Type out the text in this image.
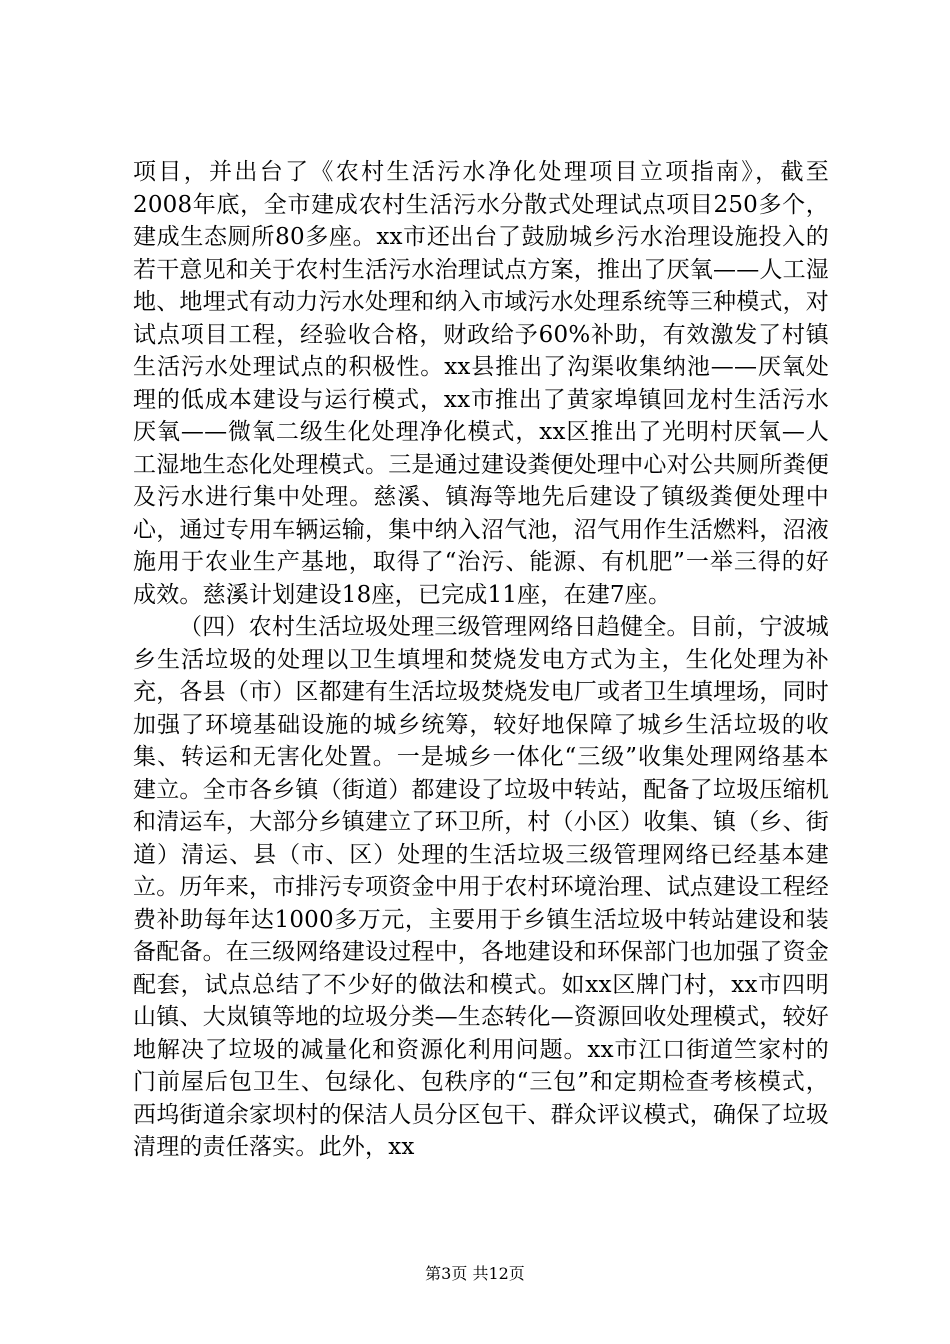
项目，并出台了《农村生活污水净化处理项目立项指南》，截至2008年底，全市建成农村生活污水分散式处理试点项目250多个，建成生态厕所80多座。xx市还出台了鼓励城乡污水治理设施投入的若干意见和关于农村生活污水治理试点方案，推出了厌氧——人工湿地、地埋式有动力污水处理和纳入市域污水处理系统等三种模式，对试点项目工程，经验收合格，财政给予60%补助，有效激发了村镇生活污水处理试点的积极性。xx县推出了沟渠收集纳池——厌氧处理的低成本建设与运行模式，xx市推出了黄家埠镇回龙村生活污水厌氧——微氧二级生化处理净化模式，xx区推出了光明村厌氧—人工湿地生态化处理模式。三是通过建设粪便处理中心对公共厕所粪便及污水进行集中处理。慈溪、镇海等地先后建设了镇级粪便处理中心，通过专用车辆运输，集中纳入沼气池，沼气用作生活燃料，沼液施用于农业生产基地，取得了“治污、能源、有机肥”一举三得的好成效。慈溪计划建设18座，已完成11座，在建7座。

（四）农村生活垃圾处理三级管理网络日趋健全。目前，宁波城乡生活垃圾的处理以卫生填埋和焚烧发电方式为主，生化处理为补充，各县（市）区都建有生活垃圾焚烧发电厂或者卫生填埋场，同时加强了环境基础设施的城乡统筹，较好地保障了城乡生活垃圾的收集、转运和无害化处置。一是城乡一体化“三级”收集处理网络基本建立。全市各乡镇（街道）都建设了垃圾中转站，配备了垃圾压缩机和清运车，大部分乡镇建立了环卫所，村（小区）收集、镇（乡、街道）清运、县（市、区）处理的生活垃圾三级管理网络已经基本建立。历年来，市排污专项资金中用于农村环境治理、试点建设工程经费补助每年达1000多万元，主要用于乡镇生活垃圾中转站建设和装备配备。在三级网络建设过程中，各地建设和环保部门也加强了资金配套，试点总结了不少好的做法和模式。如xx区牌门村，xx市四明山镇、大岚镇等地的垃圾分类—生态转化—资源回收处理模式，较好地解决了垃圾的减量化和资源化利用问题。xx市江口街道竺家村的门前屋后包卫生、包绿化、包秩序的“三包”和定期检查考核模式，西坞街道余家坝村的保洁人员分区包干、群众评议模式，确保了垃圾清理的责任落实。此外，xx

第3页 共12页
